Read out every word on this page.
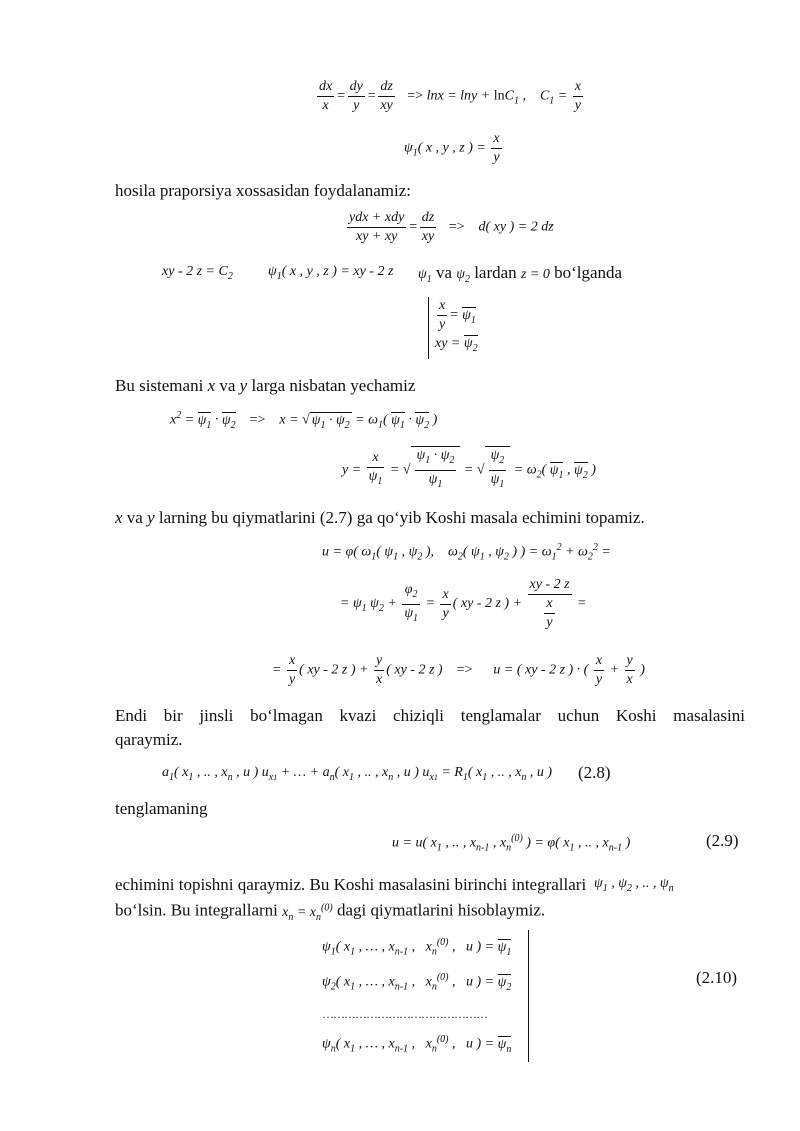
$\frac{dx}{x} = \frac{dy}{y} = \frac{dz}{xy} => \ln x = \ln y + \ln C_1$ ,    $C_1 = \frac{x}{y}$
$\psi_1$( x , y , z ) = $\frac{x}{y}$
hosila praporsiya xossasidan foydalanamiz:
$\frac{\text{ydx + xdy}}{xy + xy} = \frac{dz}{xy}$ =>    d( xy ) = 2 dz
xy - 2 $z = C_2$	$\psi_1$( x , y , z ) = xy - 2 z $\psi_1$ va $\psi_2$ lardan z = 0 bo‘lganda
$\frac{x}{y} = \psi_1$
xy = $\psi_2$
Bu sistemani x va y larga nisbatan yechamiz
$x^2 = \psi_1 \cdot \psi_2$ =>    x = √ $\psi_1 \cdot \psi_2 = \omega_1$( $\psi_1 \cdot \psi_2$ )
$y = \frac{x}{\psi_1}$ = √ $\frac{\psi_1 \cdot \psi_2}{\psi_1}$ = √ $\frac{\psi_2}{\psi_1} = \omega_2$( $\psi_1$ , $\psi_2$ )
x va y larning bu qiymatlarini (2.7) ga qo‘yib Koshi masala echimini topamiz.
u = φ( $\omega_1$( $\psi_1$ , $\psi_2$ ),    $\omega_2$( $\psi_1$ , $\psi_2$ ) ) = $\omega_1^2 + \omega_2^2$ =
= $\psi_1$ $\psi_2 + \frac{\varphi_2}{\psi_1} = \frac{x}{y}$ ( xy - 2 z ) + $\frac{xy - 2 z}{\frac{x}{y}}$ =
= $\frac{x}{y}$ ( xy - 2 z ) + $\frac{y}{x}$ ( xy - 2 z )    =>      u = ( xy - 2 z ) · ( $\frac{x}{y} + \frac{y}{x}$ )
Endi bir jinsli bo‘lmagan kvazi chiziqli tenglamalar uchun Koshi masalasini
qaraymiz.
$a_1$( $x_1$ , .. , $x_n$ , u ) $u_{x1}$ + … + $a_n$( $x_1$ , .. , $x_n$ , u ) $u_{x1} = R_1$( $x_1$ , .. , $x_n$ , u ) (2.8)
tenglamaning
u = u( $x_1$ , .. , $x_{n-1}$ , $x_n^{(0)}$ ) = φ( $x_1$ , .. , $x_{n-1}$ )	(2.9)
echimini topishni qaraymiz. Bu Koshi masalasini birinchi integrallari $\psi_1$ , $\psi_2$ , .. , $\psi_n$
bo‘lsin. Bu integrallarni $x_n = x_n^{(0)}$ dagi qiymatlarini hisoblaymiz.
$\psi_1$( $x_1$ , … , $x_{n-1}$ ,   $x_n^{(0)}$ ,   u ) = $\psi_1$
$\psi_2$( $x_1$ , … , $x_{n-1}$ ,   $x_n^{(0)}$ ,   u ) = $\psi_2$
………………………………………
$\psi_n$( $x_1$ , … , $x_{n-1}$ ,   $x_n^{(0)}$ ,   u ) = $\psi_n$
(2.10)
